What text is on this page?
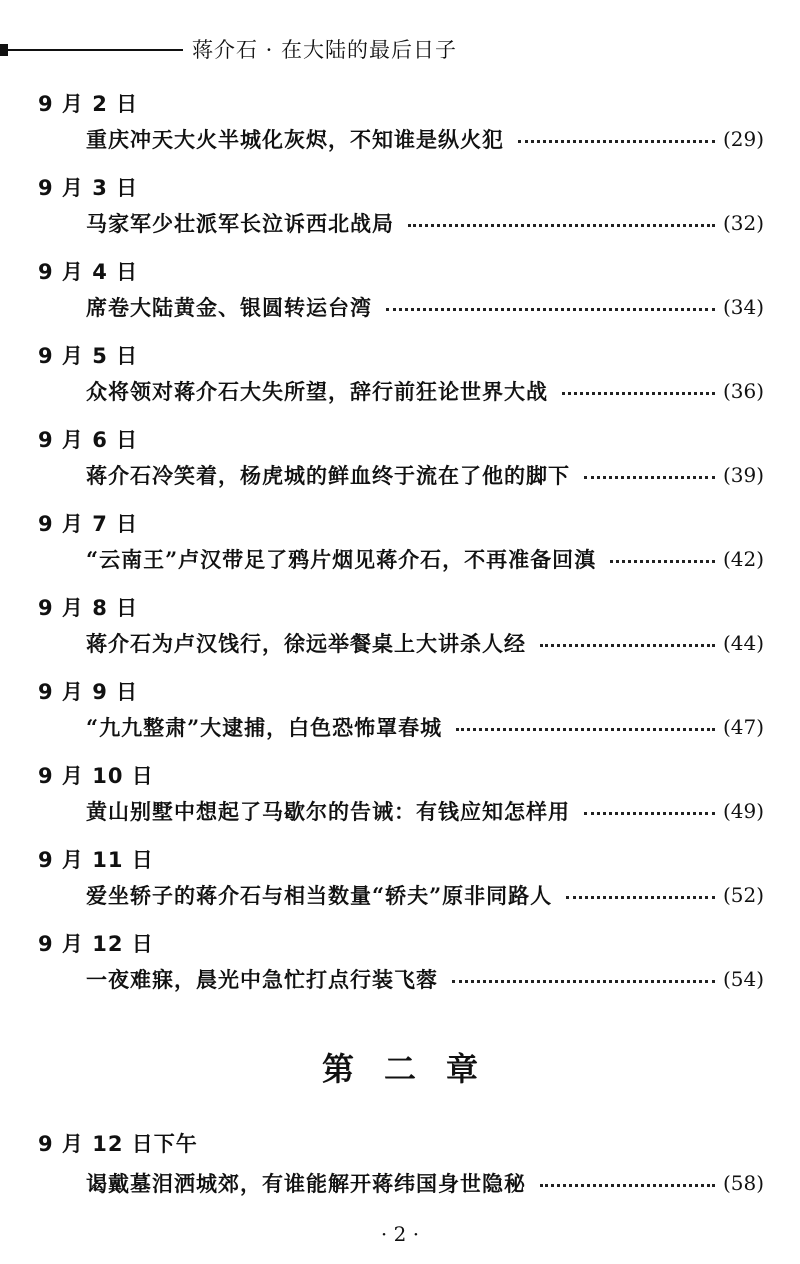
蒋介石 · 在大陆的最后日子
9 月 2 日
重庆冲天大火半城化灰烬，不知谁是纵火犯	(29)
9 月 3 日
马家军少壮派军长泣诉西北战局	(32)
9 月 4 日
席卷大陆黄金、银圆转运台湾	(34)
9 月 5 日
众将领对蒋介石大失所望，辞行前狂论世界大战	(36)
9 月 6 日
蒋介石冷笑着，杨虎城的鲜血终于流在了他的脚下	(39)
9 月 7 日
“云南王”卢汉带足了鸦片烟见蒋介石，不再准备回滇	(42)
9 月 8 日
蒋介石为卢汉饯行，徐远举餐桌上大讲杀人经	(44)
9 月 9 日
“九九整肃”大逮捕，白色恐怖罩春城	(47)
9 月 10 日
黄山别墅中想起了马歇尔的告诫：有钱应知怎样用	(49)
9 月 11 日
爱坐轿子的蒋介石与相当数量“轿夫”原非同路人	(52)
9 月 12 日
一夜难寐，晨光中急忙打点行装飞蓉	(54)
第二章
9 月 12 日下午
谒戴墓泪洒城郊，有谁能解开蒋纬国身世隐秘	(58)
· 2 ·
